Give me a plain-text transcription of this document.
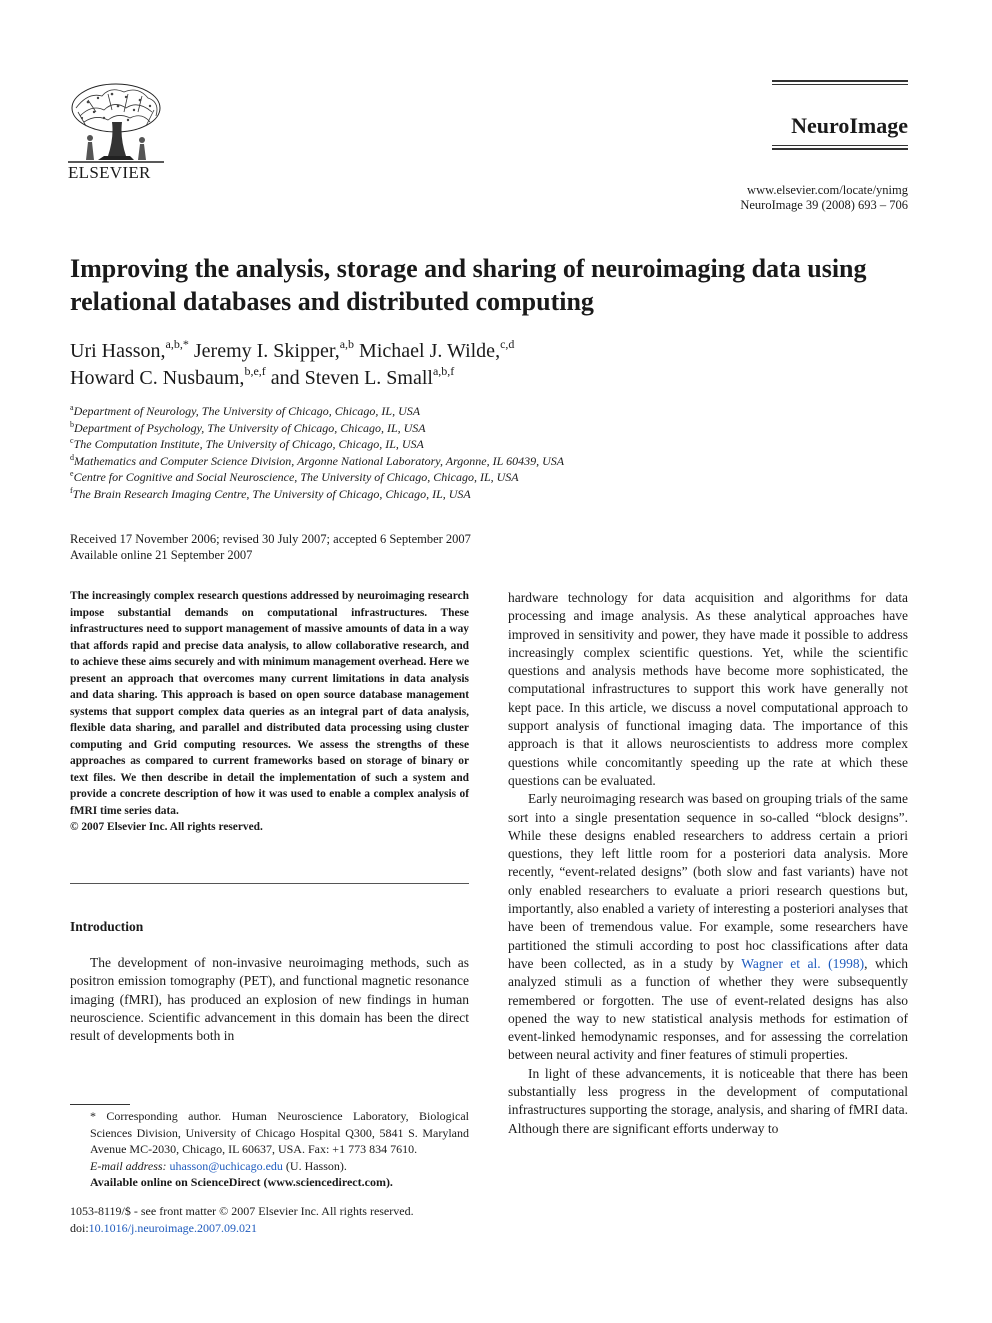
ELSEVIER
NeuroImage
www.elsevier.com/locate/ynimg
NeuroImage 39 (2008) 693 – 706
Improving the analysis, storage and sharing of neuroimaging data using relational databases and distributed computing
Uri Hasson,$^{a,b,*}$ Jeremy I. Skipper,$^{a,b}$ Michael J. Wilde,$^{c,d}$
Howard C. Nusbaum,$^{b,e,f}$ and Steven L. Small$^{a,b,f}$
$^a$Department of Neurology, The University of Chicago, Chicago, IL, USA
$^b$Department of Psychology, The University of Chicago, Chicago, IL, USA
$^c$The Computation Institute, The University of Chicago, Chicago, IL, USA
$^d$Mathematics and Computer Science Division, Argonne National Laboratory, Argonne, IL 60439, USA
$^e$Centre for Cognitive and Social Neuroscience, The University of Chicago, Chicago, IL, USA
$^f$The Brain Research Imaging Centre, The University of Chicago, Chicago, IL, USA
Received 17 November 2006; revised 30 July 2007; accepted 6 September 2007
Available online 21 September 2007

The increasingly complex research questions addressed by neuroimaging research impose substantial demands on computational infrastructures. These infrastructures need to support management of massive amounts of data in a way that affords rapid and precise data analysis, to allow collaborative research, and to achieve these aims securely and with minimum management overhead. Here we present an approach that overcomes many current limitations in data analysis and data sharing. This approach is based on open source database management systems that support complex data queries as an integral part of data analysis, flexible data sharing, and parallel and distributed data processing using cluster computing and Grid computing resources. We assess the strengths of these approaches as compared to current frameworks based on storage of binary or text files. We then describe in detail the implementation of such a system and provide a concrete description of how it was used to enable a complex analysis of fMRI time series data.

© 2007 Elsevier Inc. All rights reserved.

Introduction

The development of non-invasive neuroimaging methods, such as positron emission tomography (PET), and functional magnetic resonance imaging (fMRI), has produced an explosion of new findings in human neuroscience. Scientific advancement in this domain has been the direct result of developments both in

* Corresponding author. Human Neuroscience Laboratory, Biological Sciences Division, University of Chicago Hospital Q300, 5841 S. Maryland Avenue MC-2030, Chicago, IL 60637, USA. Fax: +1 773 834 7610.

E-mail address: uhasson@uchicago.edu (U. Hasson).

Available online on ScienceDirect (www.sciencedirect.com).

1053-8119/$ - see front matter © 2007 Elsevier Inc. All rights reserved.
doi:10.1016/j.neuroimage.2007.09.021

hardware technology for data acquisition and algorithms for data processing and image analysis. As these analytical approaches have improved in sensitivity and power, they have made it possible to address increasingly complex scientific questions. Yet, while the scientific questions and analysis methods have become more sophisticated, the computational infrastructures to support this work have generally not kept pace. In this article, we discuss a novel computational approach to support analysis of functional imaging data. The importance of this approach is that it allows neuroscientists to address more complex questions while concomitantly speeding up the rate at which these questions can be evaluated.

Early neuroimaging research was based on grouping trials of the same sort into a single presentation sequence in so-called “block designs”. While these designs enabled researchers to address certain a priori questions, they left little room for a posteriori data analysis. More recently, “event-related designs” (both slow and fast variants) have not only enabled researchers to evaluate a priori research questions but, importantly, also enabled a variety of interesting a posteriori analyses that have been of tremendous value. For example, some researchers have partitioned the stimuli according to post hoc classifications after data have been collected, as in a study by Wagner et al. (1998), which analyzed stimuli as a function of whether they were subsequently remembered or forgotten. The use of event-related designs has also opened the way to new statistical analysis methods for estimation of event-linked hemodynamic responses, and for assessing the correlation between neural activity and finer features of stimuli properties.

In light of these advancements, it is noticeable that there has been substantially less progress in the development of computational infrastructures supporting the storage, analysis, and sharing of fMRI data. Although there are significant efforts underway to
